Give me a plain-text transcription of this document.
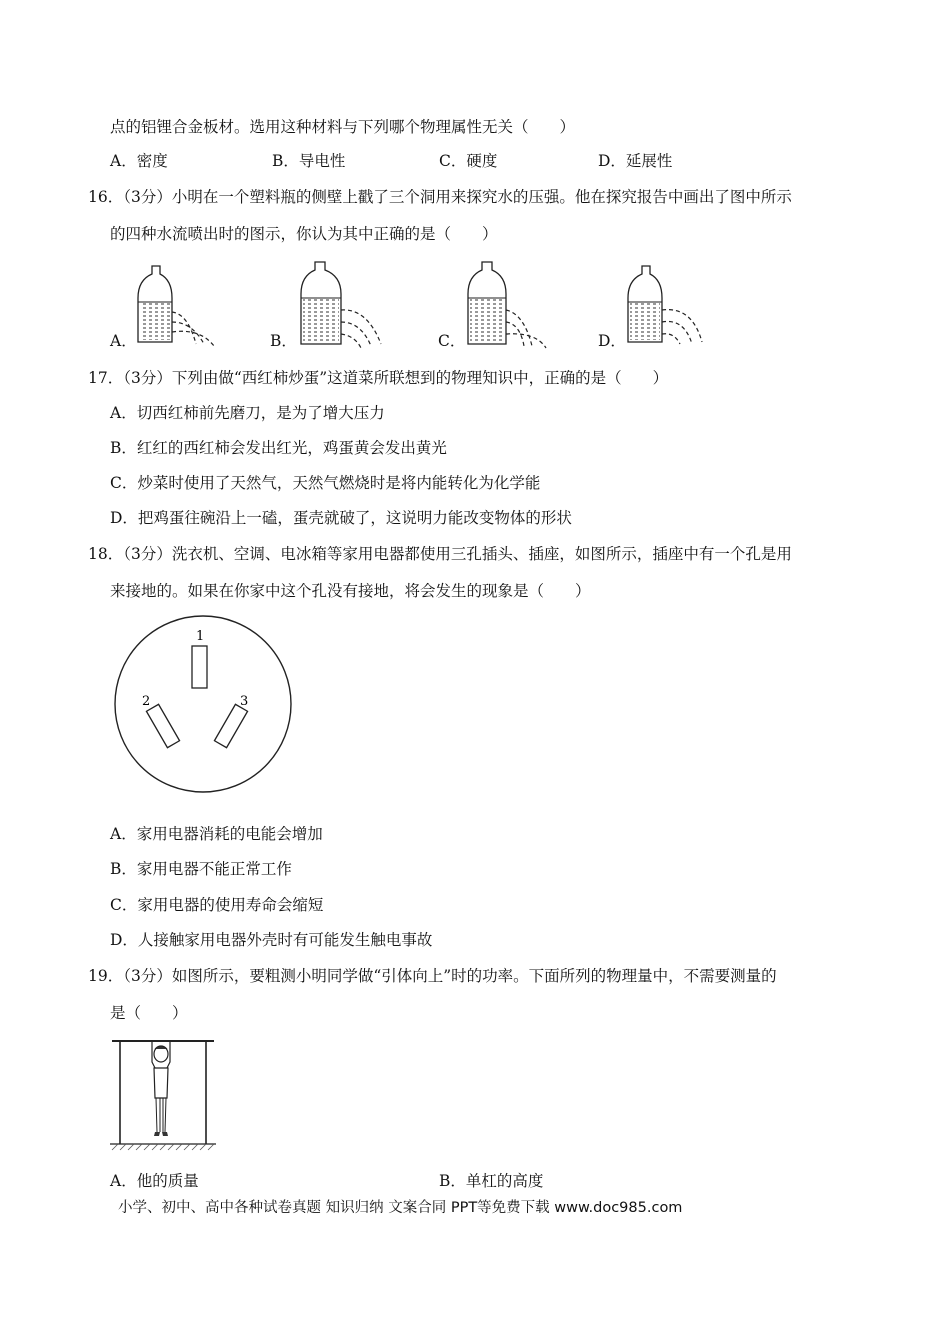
点的铝锂合金板材。选用这种材料与下列哪个物理属性无关（　　）
A．密度	B．导电性	C．硬度	D．延展性
16．（3分）小明在一个塑料瓶的侧壁上戳了三个洞用来探究水的压强。他在探究报告中画出了图中所示
的四种水流喷出时的图示，你认为其中正确的是（　　）
A．	B．	C．	D．
17．（3分）下列由做“西红柿炒蛋”这道菜所联想到的物理知识中，正确的是（　　）
A．切西红柿前先磨刀，是为了增大压力
B．红红的西红柿会发出红光，鸡蛋黄会发出黄光
C．炒菜时使用了天然气，天然气燃烧时是将内能转化为化学能
D．把鸡蛋往碗沿上一磕，蛋壳就破了，这说明力能改变物体的形状
18．（3分）洗衣机、空调、电冰箱等家用电器都使用三孔插头、插座，如图所示，插座中有一个孔是用
来接地的。如果在你家中这个孔没有接地，将会发生的现象是（　　）
1
2	3
A．家用电器消耗的电能会增加
B．家用电器不能正常工作
C．家用电器的使用寿命会缩短
D．人接触家用电器外壳时有可能发生触电事故
19．（3分）如图所示，要粗测小明同学做“引体向上”时的功率。下面所列的物理量中，不需要测量的
是（　　）
A．他的质量	B．单杠的高度
小学、初中、高中各种试卷真题 知识归纳 文案合同 PPT等免费下载 www.doc985.com
